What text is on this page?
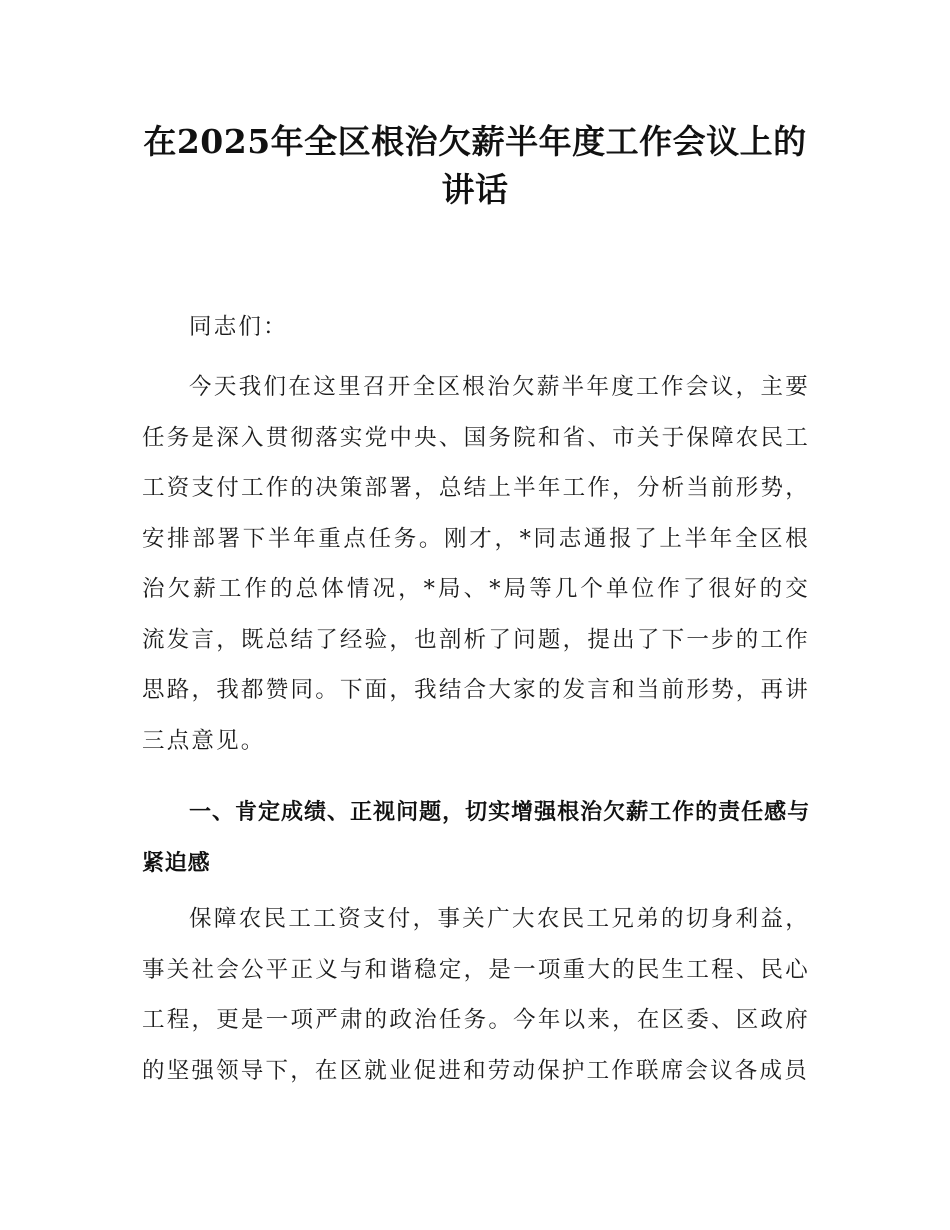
在2025年全区根治欠薪半年度工作会议上的讲话

同志们：

今天我们在这里召开全区根治欠薪半年度工作会议，主要任务是深入贯彻落实党中央、国务院和省、市关于保障农民工工资支付工作的决策部署，总结上半年工作，分析当前形势，安排部署下半年重点任务。刚才，*同志通报了上半年全区根治欠薪工作的总体情况，*局、*局等几个单位作了很好的交流发言，既总结了经验，也剖析了问题，提出了下一步的工作思路，我都赞同。下面，我结合大家的发言和当前形势，再讲三点意见。

一、肯定成绩、正视问题，切实增强根治欠薪工作的责任感与紧迫感

保障农民工工资支付，事关广大农民工兄弟的切身利益，事关社会公平正义与和谐稳定，是一项重大的民生工程、民心工程，更是一项严肃的政治任务。今年以来，在区委、区政府的坚强领导下，在区就业促进和劳动保护工作联席会议各成员
